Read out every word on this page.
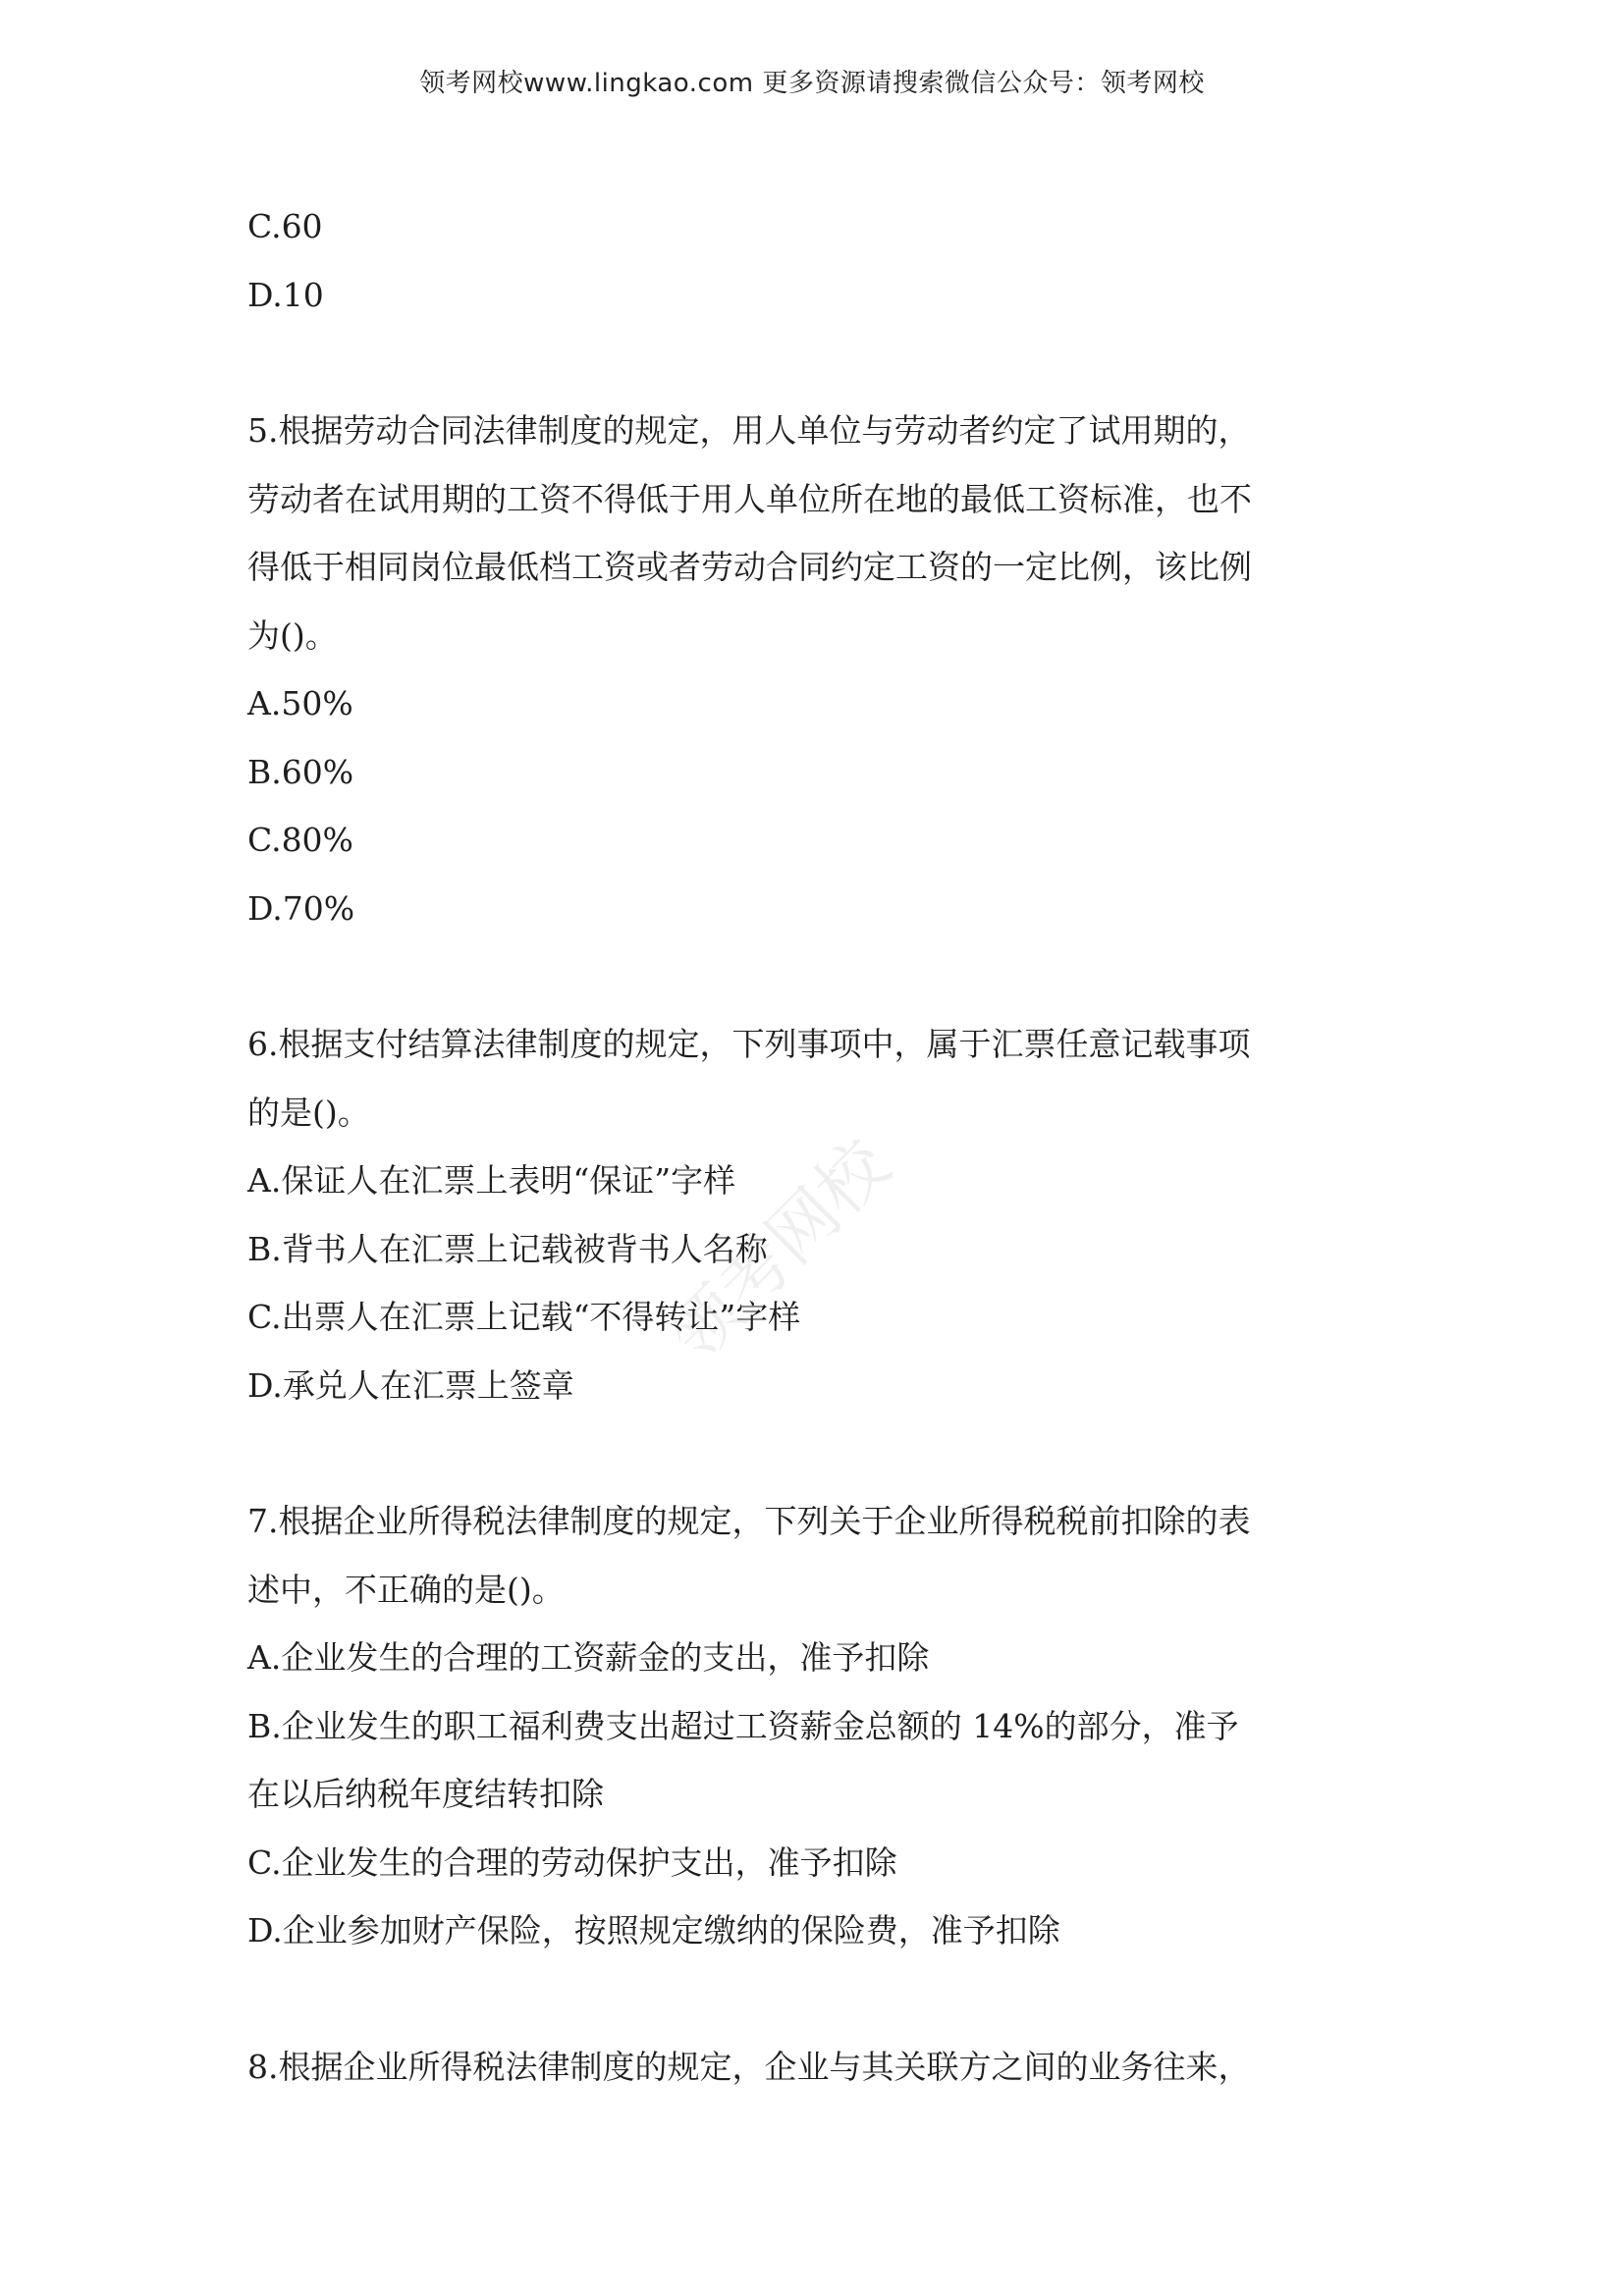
领考网校www.lingkao.com 更多资源请搜索微信公众号：领考网校
领考网校

C.60

D.10

5.根据劳动合同法律制度的规定，用人单位与劳动者约定了试用期的，

劳动者在试用期的工资不得低于用人单位所在地的最低工资标准，也不

得低于相同岗位最低档工资或者劳动合同约定工资的一定比例，该比例

为()。

A.50%

B.60%

C.80%

D.70%

6.根据支付结算法律制度的规定，下列事项中，属于汇票任意记载事项

的是()。

A.保证人在汇票上表明“保证”字样

B.背书人在汇票上记载被背书人名称

C.出票人在汇票上记载“不得转让”字样

D.承兑人在汇票上签章

7.根据企业所得税法律制度的规定，下列关于企业所得税税前扣除的表

述中，不正确的是()。

A.企业发生的合理的工资薪金的支出，准予扣除

B.企业发生的职工福利费支出超过工资薪金总额的 14%的部分，准予

在以后纳税年度结转扣除

C.企业发生的合理的劳动保护支出，准予扣除

D.企业参加财产保险，按照规定缴纳的保险费，准予扣除

8.根据企业所得税法律制度的规定，企业与其关联方之间的业务往来，
